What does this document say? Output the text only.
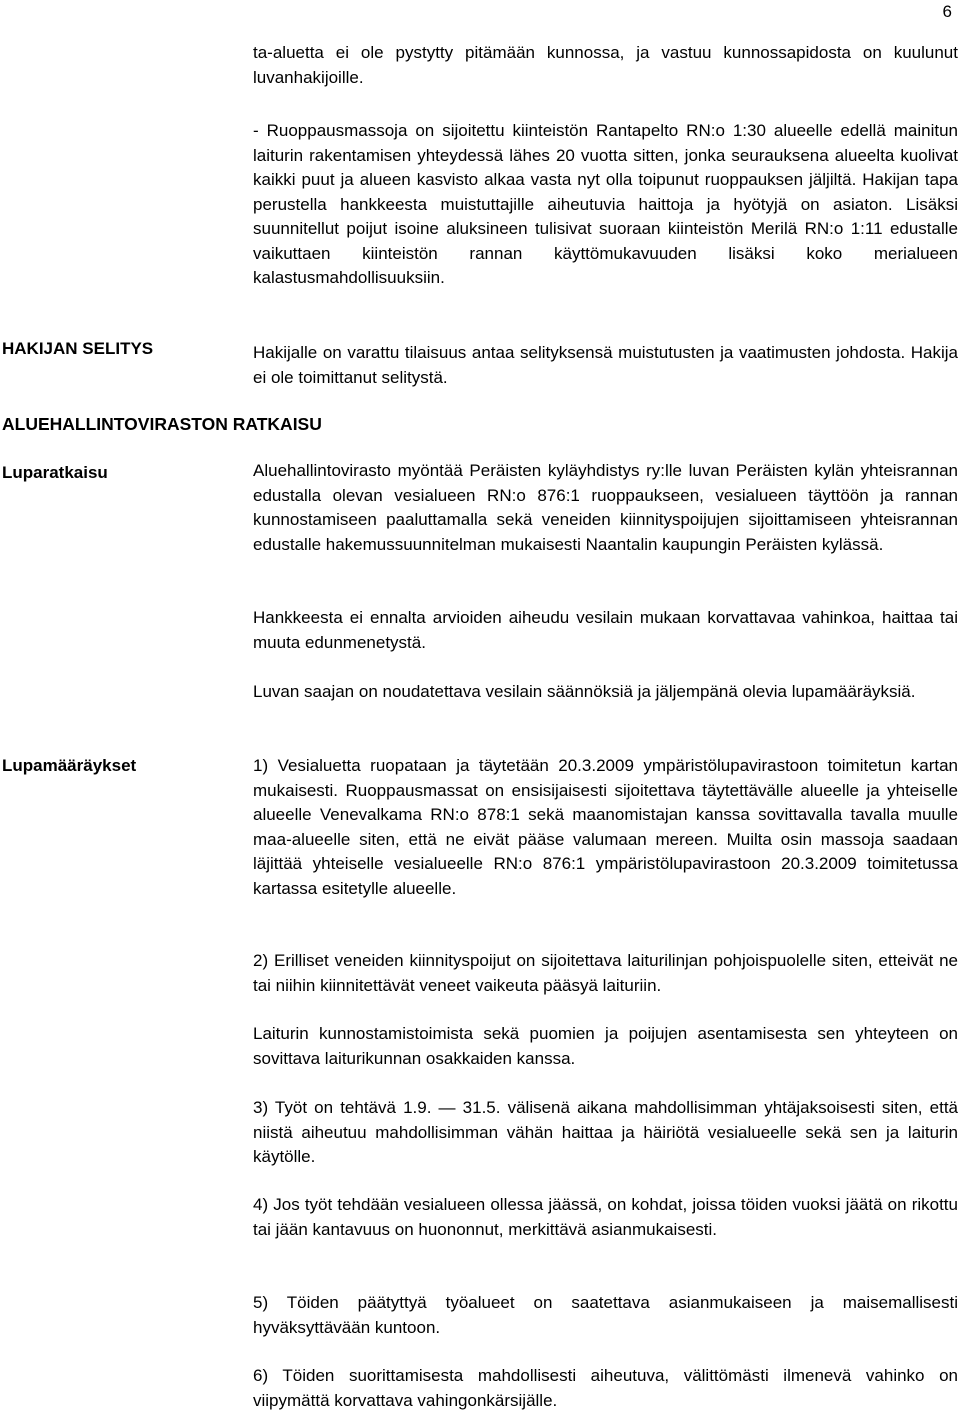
6

ta-aluetta ei ole pystytty pitämään kunnossa, ja vastuu kunnossapidosta on kuulunut luvanhakijoille.

- Ruoppausmassoja on sijoitettu kiinteistön Rantapelto RN:o 1:30 alueelle edellä mainitun laiturin rakentamisen yhteydessä lähes 20 vuotta sitten, jonka seurauksena alueelta kuolivat kaikki puut ja alueen kasvisto alkaa vasta nyt olla toipunut ruoppauksen jäljiltä. Hakijan tapa perustella hankkeesta muistuttajille aiheutuvia haittoja ja hyötyjä on asiaton. Lisäksi suunnitellut poijut isoine aluksineen tulisivat suoraan kiinteistön Merilä RN:o 1:11 edustalle vaikuttaen kiinteistön rannan käyttömukavuuden lisäksi koko merialueen kalastusmahdollisuuksiin.

HAKIJAN SELITYS	Hakijalle on varattu tilaisuus antaa selityksensä muistutusten ja vaatimusten johdosta. Hakija ei ole toimittanut selitystä.

ALUEHALLINTOVIRASTON RATKAISU
Luparatkaisu	Aluehallintovirasto myöntää Peräisten kyläyhdistys ry:lle luvan Peräisten kylän yhteisrannan edustalla olevan vesialueen RN:o 876:1 ruoppaukseen, vesialueen täyttöön ja rannan kunnostamiseen paaluttamalla sekä veneiden kiinnityspoijujen sijoittamiseen yhteisrannan edustalle hakemussuunnitelman mukaisesti Naantalin kaupungin Peräisten kylässä.

Hankkeesta ei ennalta arvioiden aiheudu vesilain mukaan korvattavaa vahinkoa, haittaa tai muuta edunmenetystä.

Luvan saajan on noudatettava vesilain säännöksiä ja jäljempänä olevia lupamääräyksiä.

Lupamääräykset	1) Vesialuetta ruopataan ja täytetään 20.3.2009 ympäristölupavirastoon toimitetun kartan mukaisesti. Ruoppausmassat on ensisijaisesti sijoitettava täytettävälle alueelle ja yhteiselle alueelle Venevalkama RN:o 878:1 sekä maanomistajan kanssa sovittavalla tavalla muulle maa-alueelle siten, että ne eivät pääse valumaan mereen. Muilta osin massoja saadaan läjittää yhteiselle vesialueelle RN:o 876:1 ympäristölupavirastoon 20.3.2009 toimitetussa kartassa esitetylle alueelle.

2) Erilliset veneiden kiinnityspoijut on sijoitettava laiturilinjan pohjoispuolelle siten, etteivät ne tai niihin kiinnitettävät veneet vaikeuta pääsyä laituriin.

Laiturin kunnostamistoimista sekä puomien ja poijujen asentamisesta sen yhteyteen on sovittava laiturikunnan osakkaiden kanssa.

3) Työt on tehtävä 1.9. — 31.5. välisenä aikana mahdollisimman yhtäjaksoisesti siten, että niistä aiheutuu mahdollisimman vähän haittaa ja häiriötä vesialueelle sekä sen ja laiturin käytölle.

4) Jos työt tehdään vesialueen ollessa jäässä, on kohdat, joissa töiden vuoksi jäätä on rikottu tai jään kantavuus on huononnut, merkittävä asianmukaisesti.

5) Töiden päätyttyä työalueet on saatettava asianmukaiseen ja maisemallisesti hyväksyttävään kuntoon.

6) Töiden suorittamisesta mahdollisesti aiheutuva, välittömästi ilmenevä vahinko on viipymättä korvattava vahingonkärsijälle.
